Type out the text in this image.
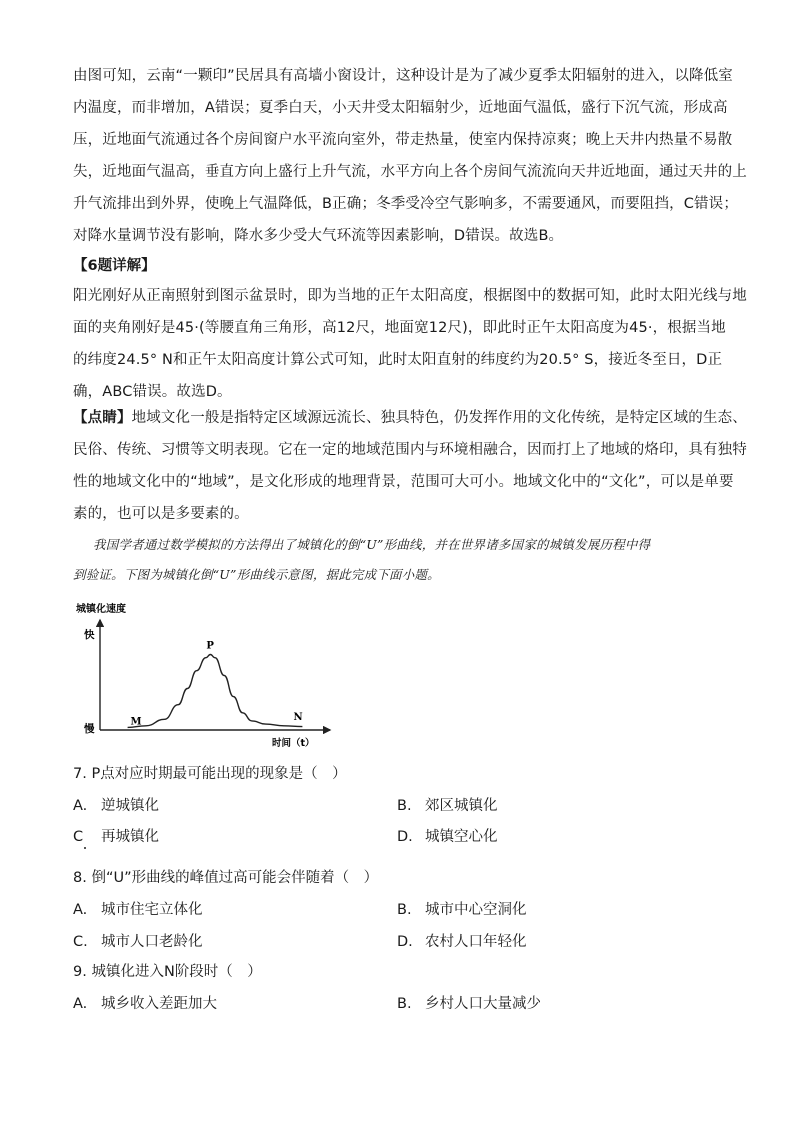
由图可知，云南“一颗印”民居具有高墙小窗设计，这种设计是为了减少夏季太阳辐射的进入，以降低室
内温度，而非增加，A错误；夏季白天，小天井受太阳辐射少，近地面气温低，盛行下沉气流，形成高
压，近地面气流通过各个房间窗户水平流向室外，带走热量，使室内保持凉爽；晚上天井内热量不易散
失，近地面气温高，垂直方向上盛行上升气流，水平方向上各个房间气流流向天井近地面，通过天井的上
升气流排出到外界，使晚上气温降低，B正确；冬季受冷空气影响多，不需要通风，而要阻挡，C错误；
对降水量调节没有影响，降水多少受大气环流等因素影响，D错误。故选B。

【6题详解】

阳光刚好从正南照射到图示盆景时，即为当地的正午太阳高度，根据图中的数据可知，此时太阳光线与地
面的夹角刚好是45·(等腰直角三角形，高12尺，地面宽12尺)，即此时正午太阳高度为45·，根据当地
的纬度24.5° N和正午太阳高度计算公式可知，此时太阳直射的纬度约为20.5° S，接近冬至日，D正
确，ABC错误。故选D。

【点睛】地域文化一般是指特定区域源远流长、独具特色，仍发挥作用的文化传统，是特定区域的生态、
民俗、传统、习惯等文明表现。它在一定的地域范围内与环境相融合，因而打上了地域的烙印，具有独特
性的地域文化中的“地域”，是文化形成的地理背景，范围可大可小。地域文化中的“文化”，可以是单要
素的，也可以是多要素的。

我国学者通过数学模拟的方法得出了城镇化的倒“U”形曲线，并在世界诸多国家的城镇发展历程中得
到验证。下图为城镇化倒“U”形曲线示意图，据此完成下面小题。
城镇化速度
时间（t）
快
慢
M
P
N
7. P点对应时期最可能出现的现象是（　）
A. 逆城镇化	B. 郊区城镇化
C 再城镇化	D. 城镇空心化
8. 倒“U”形曲线的峰值过高可能会伴随着（　）
A. 城市住宅立体化	B. 城市中心空洞化
C. 城市人口老龄化	D. 农村人口年轻化
9. 城镇化进入N阶段时（　）
A. 城乡收入差距加大	B. 乡村人口大量减少
